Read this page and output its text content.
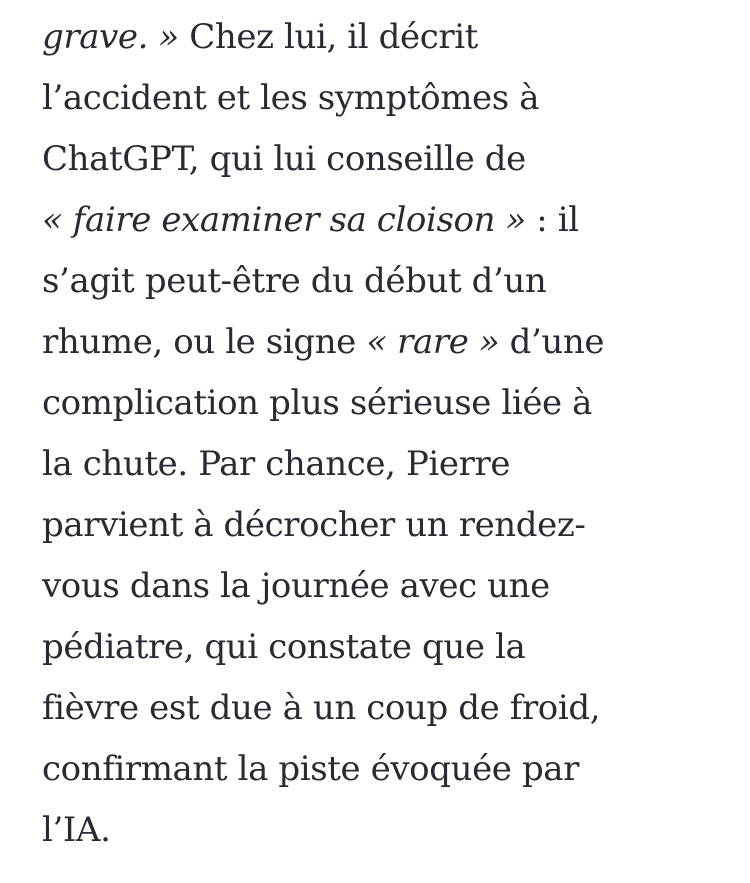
grave. » Chez lui, il décrit
l’accident et les symptômes à
ChatGPT, qui lui conseille de
« faire examiner sa cloison » : il
s’agit peut-être du début d’un
rhume, ou le signe « rare » d’une
complication plus sérieuse liée à
la chute. Par chance, Pierre
parvient à décrocher un rendez-
vous dans la journée avec une
pédiatre, qui constate que la
fièvre est due à un coup de froid,
confirmant la piste évoquée par
l’IA.
